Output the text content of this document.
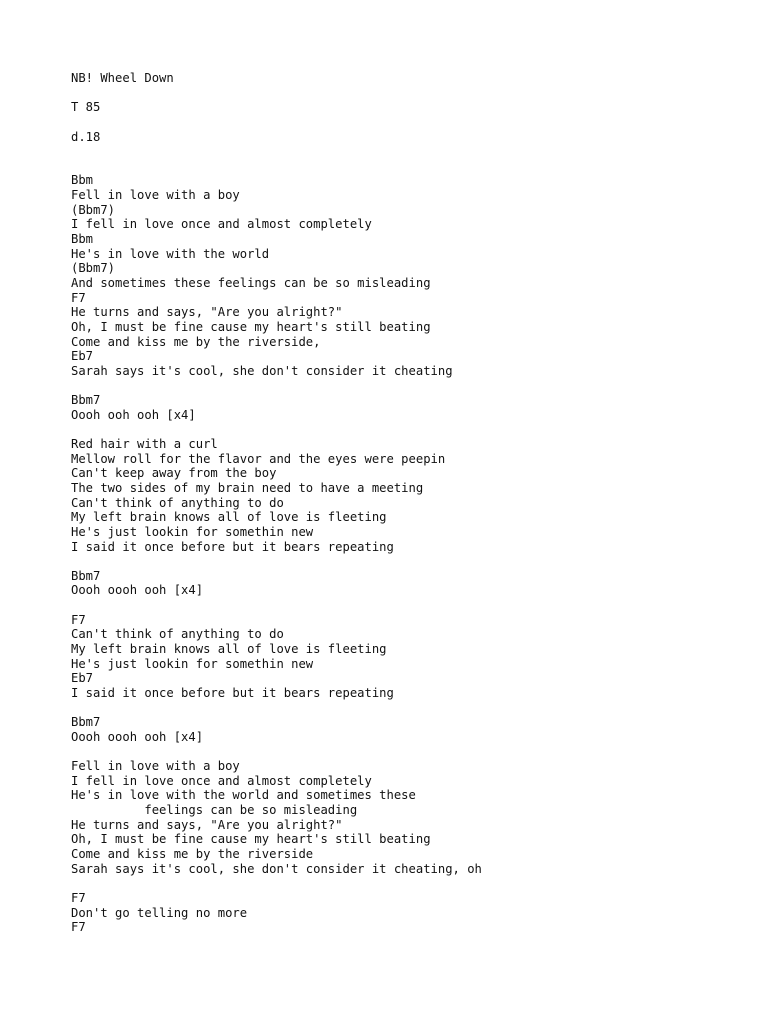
NB! Wheel Down
T 85
d.18
Bbm
Fell in love with a boy
(Bbm7)
I fell in love once and almost completely
Bbm
He's in love with the world
(Bbm7)
And sometimes these feelings can be so misleading
F7
He turns and says, "Are you alright?"
Oh, I must be fine cause my heart's still beating
Come and kiss me by the riverside,
Eb7
Sarah says it's cool, she don't consider it cheating
Bbm7
Oooh ooh ooh [x4]
Red hair with a curl
Mellow roll for the flavor and the eyes were peepin
Can't keep away from the boy
The two sides of my brain need to have a meeting
Can't think of anything to do
My left brain knows all of love is fleeting
He's just lookin for somethin new
I said it once before but it bears repeating
Bbm7
Oooh oooh ooh [x4]
F7
Can't think of anything to do
My left brain knows all of love is fleeting
He's just lookin for somethin new
Eb7
I said it once before but it bears repeating
Bbm7
Oooh oooh ooh [x4]
Fell in love with a boy
I fell in love once and almost completely
He's in love with the world and sometimes these
feelings can be so misleading
He turns and says, "Are you alright?"
Oh, I must be fine cause my heart's still beating
Come and kiss me by the riverside
Sarah says it's cool, she don't consider it cheating, oh
F7
Don't go telling no more
F7
